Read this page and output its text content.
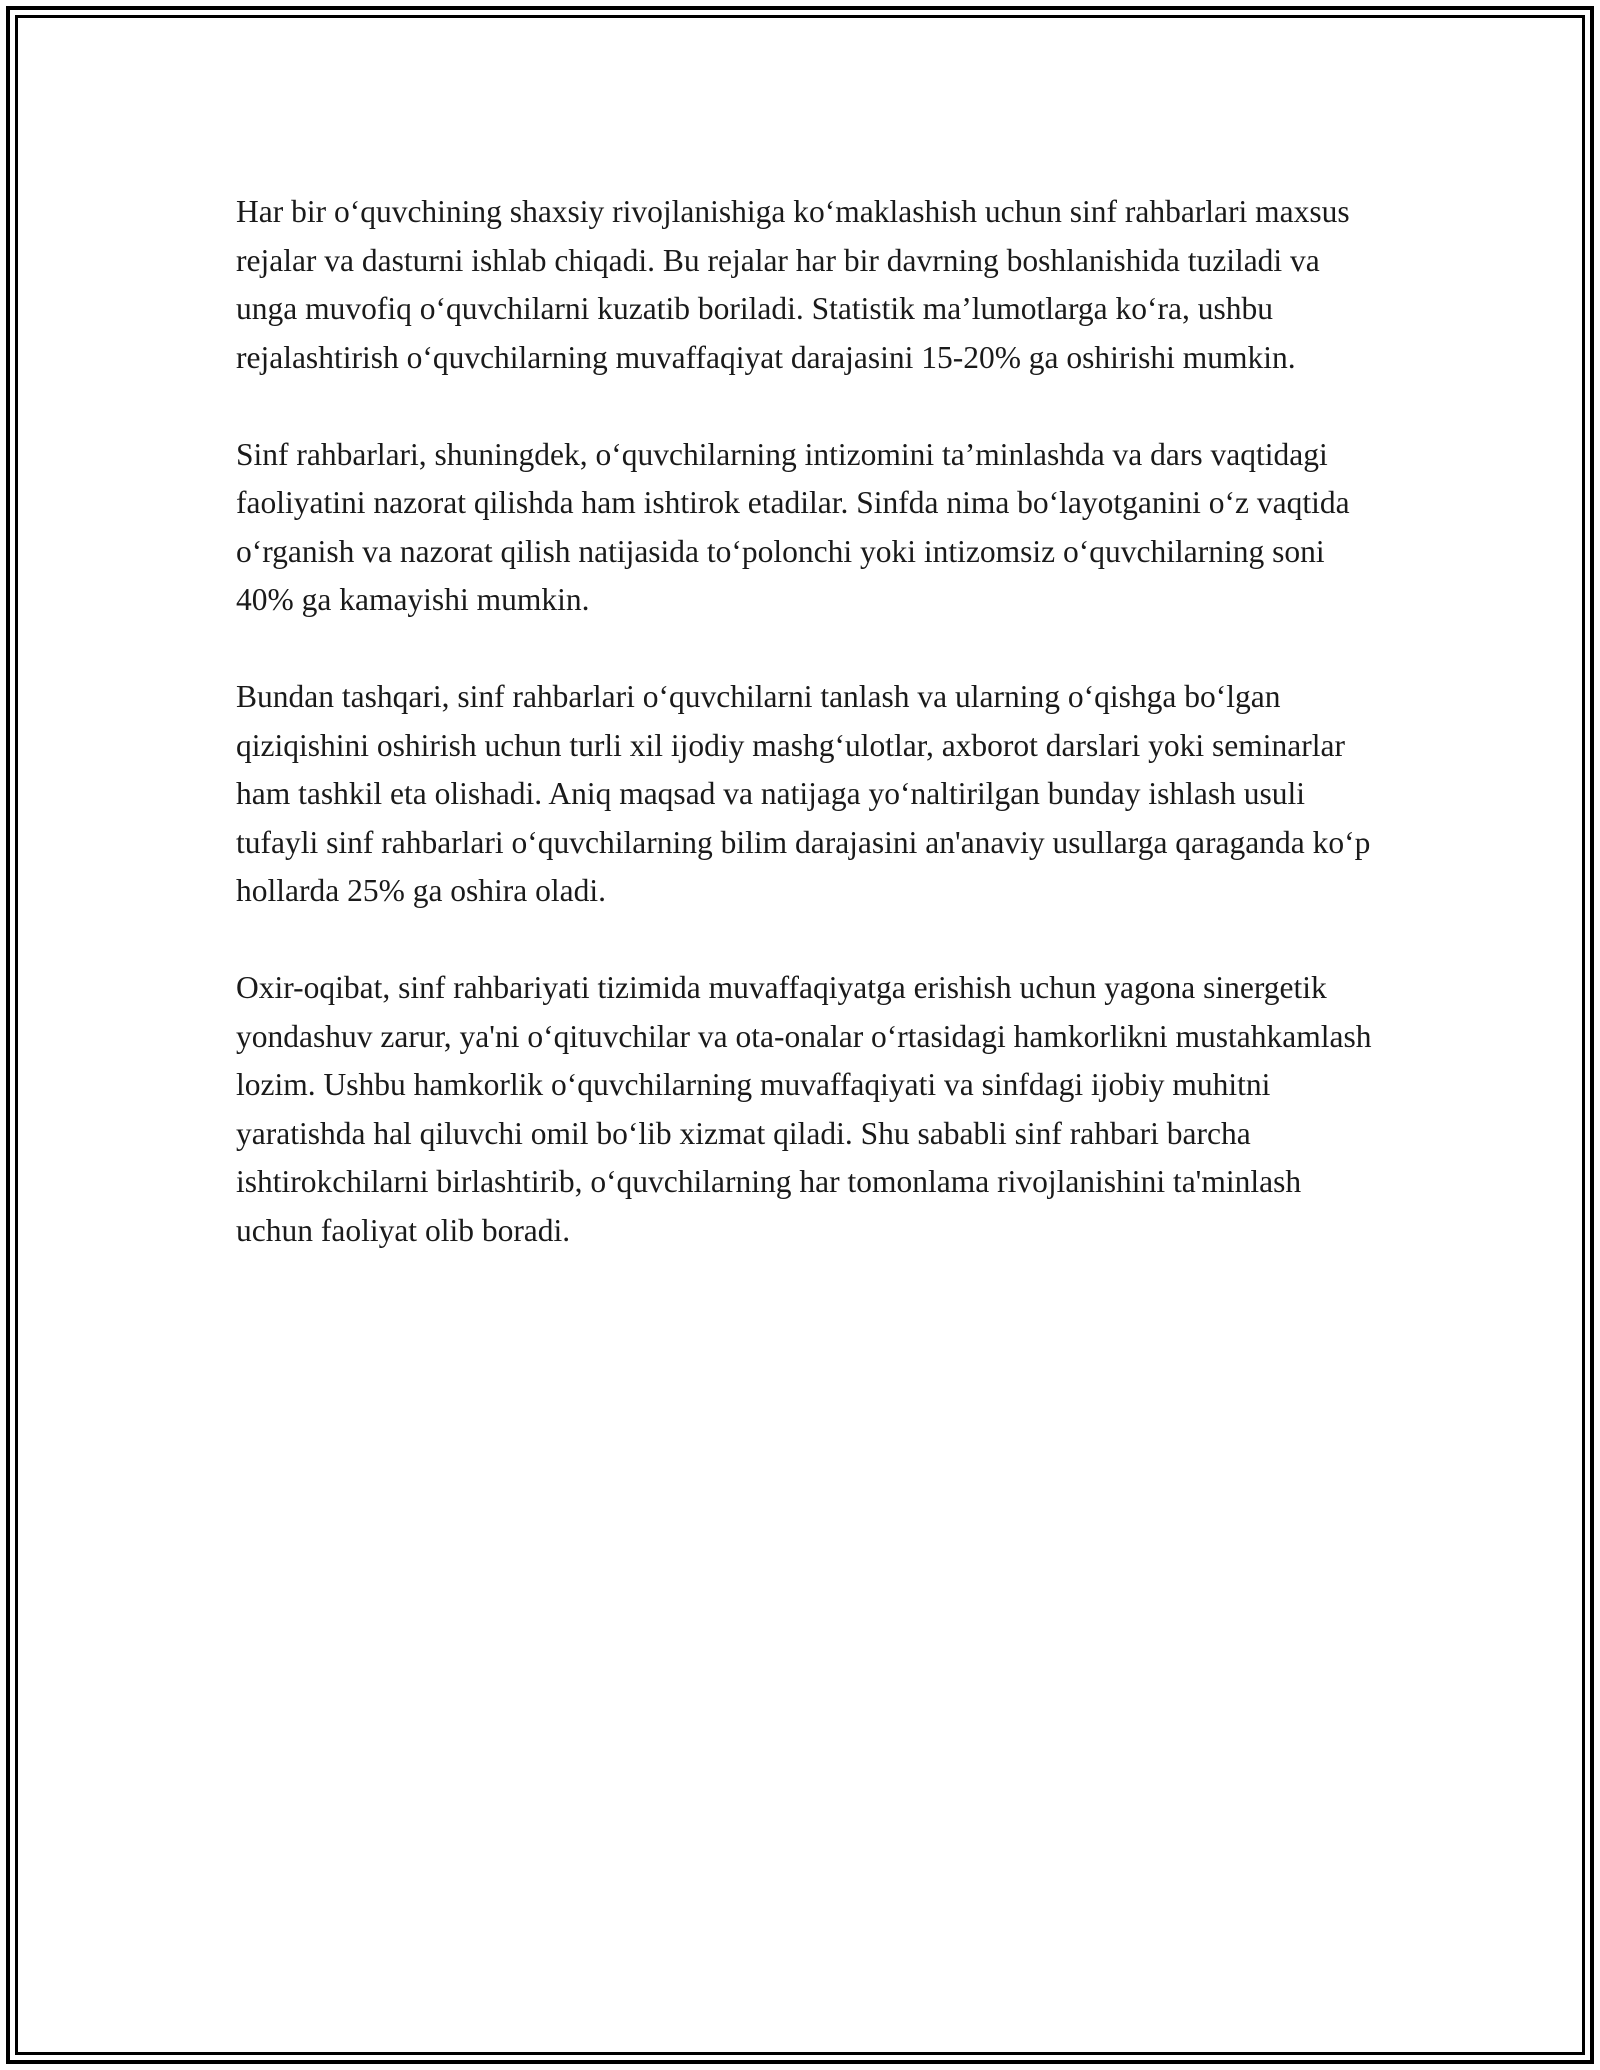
Har bir o‘quvchining shaxsiy rivojlanishiga ko‘maklashish uchun sinf rahbarlari maxsus rejalar va dasturni ishlab chiqadi. Bu rejalar har bir davrning boshlanishida tuziladi va unga muvofiq o‘quvchilarni kuzatib boriladi. Statistik ma’lumotlarga ko‘ra, ushbu rejalashtirish o‘quvchilarning muvaffaqiyat darajasini 15-20% ga oshirishi mumkin.

Sinf rahbarlari, shuningdek, o‘quvchilarning intizomini ta’minlashda va dars vaqtidagi faoliyatini nazorat qilishda ham ishtirok etadilar. Sinfda nima bo‘layotganini o‘z vaqtida o‘rganish va nazorat qilish natijasida to‘polonchi yoki intizomsiz o‘quvchilarning soni 40% ga kamayishi mumkin.

Bundan tashqari, sinf rahbarlari o‘quvchilarni tanlash va ularning o‘qishga bo‘lgan qiziqishini oshirish uchun turli xil ijodiy mashg‘ulotlar, axborot darslari yoki seminarlar ham tashkil eta olishadi. Aniq maqsad va natijaga yo‘naltirilgan bunday ishlash usuli tufayli sinf rahbarlari o‘quvchilarning bilim darajasini an'anaviy usullarga qaraganda ko‘p hollarda 25% ga oshira oladi.

Oxir-oqibat, sinf rahbariyati tizimida muvaffaqiyatga erishish uchun yagona sinergetik yondashuv zarur, ya'ni o‘qituvchilar va ota-onalar o‘rtasidagi hamkorlikni mustahkamlash lozim. Ushbu hamkorlik o‘quvchilarning muvaffaqiyati va sinfdagi ijobiy muhitni yaratishda hal qiluvchi omil bo‘lib xizmat qiladi. Shu sababli sinf rahbari barcha ishtirokchilarni birlashtirib, o‘quvchilarning har tomonlama rivojlanishini ta'minlash uchun faoliyat olib boradi.
